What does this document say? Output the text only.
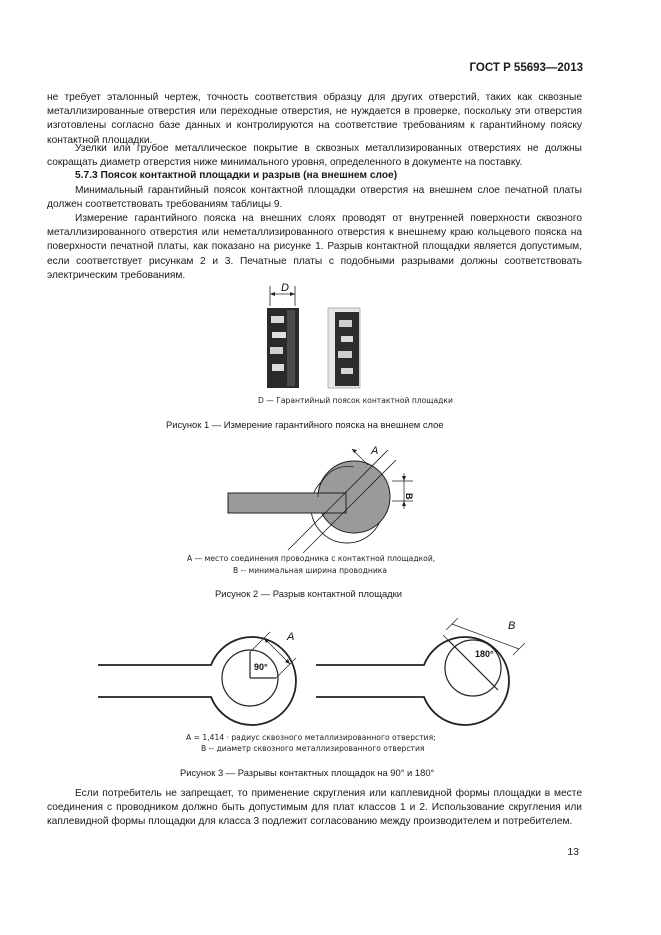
ГОСТ Р 55693—2013

не требует эталонный чертеж, точность соответствия образцу для других отверстий, таких как сквозные металлизированные отверстия или переходные отверстия, не нуждается в проверке, поскольку эти отверстия изготовлены согласно базе данных и контролируются на соответствие требованиям к гарантийному пояску контактной площадки.

Узелки или грубое металлическое покрытие в сквозных металлизированных отверстиях не должны сокращать диаметр отверстия ниже минимального уровня, определенного в документе на поставку.

5.7.3 Поясок контактной площадки и разрыв (на внешнем слое)

Минимальный гарантийный поясок контактной площадки отверстия на внешнем слое печатной платы должен соответствовать требованиям таблицы 9.

Измерение гарантийного пояска на внешних слоях проводят от внутренней поверхности сквозного металлизированного отверстия или неметаллизированного отверстия к внешнему краю кольцевого пояска на поверхности печатной платы, как показано на рисунке 1. Разрыв контактной площадки является допустимым, если соответствует рисункам 2 и 3. Печатные платы с подобными разрывами должны соответствовать электрическим требованиям.

D
D — Гарантийный поясок контактной площадки
Рисунок 1 — Измерение гарантийного пояска на внешнем слое
A
B
A — место соединения проводника с контактной площадкой,
B -- минимальная ширина проводника
Рисунок 2 — Разрыв контактной площадки
90°
A
180°
B
A = 1,414 · радиус сквозного металлизированного отверстия;
B -- диаметр сквозного металлизированного отверстия
Рисунок 3 — Разрывы контактных площадок на 90° и 180°

Если потребитель не запрещает, то применение скругления или каплевидной формы площадки в месте соединения с проводником должно быть допустимым для плат классов 1 и 2. Использование скругления или каплевидной формы площадки для класса 3 подлежит согласованию между производителем и потребителем.

13
